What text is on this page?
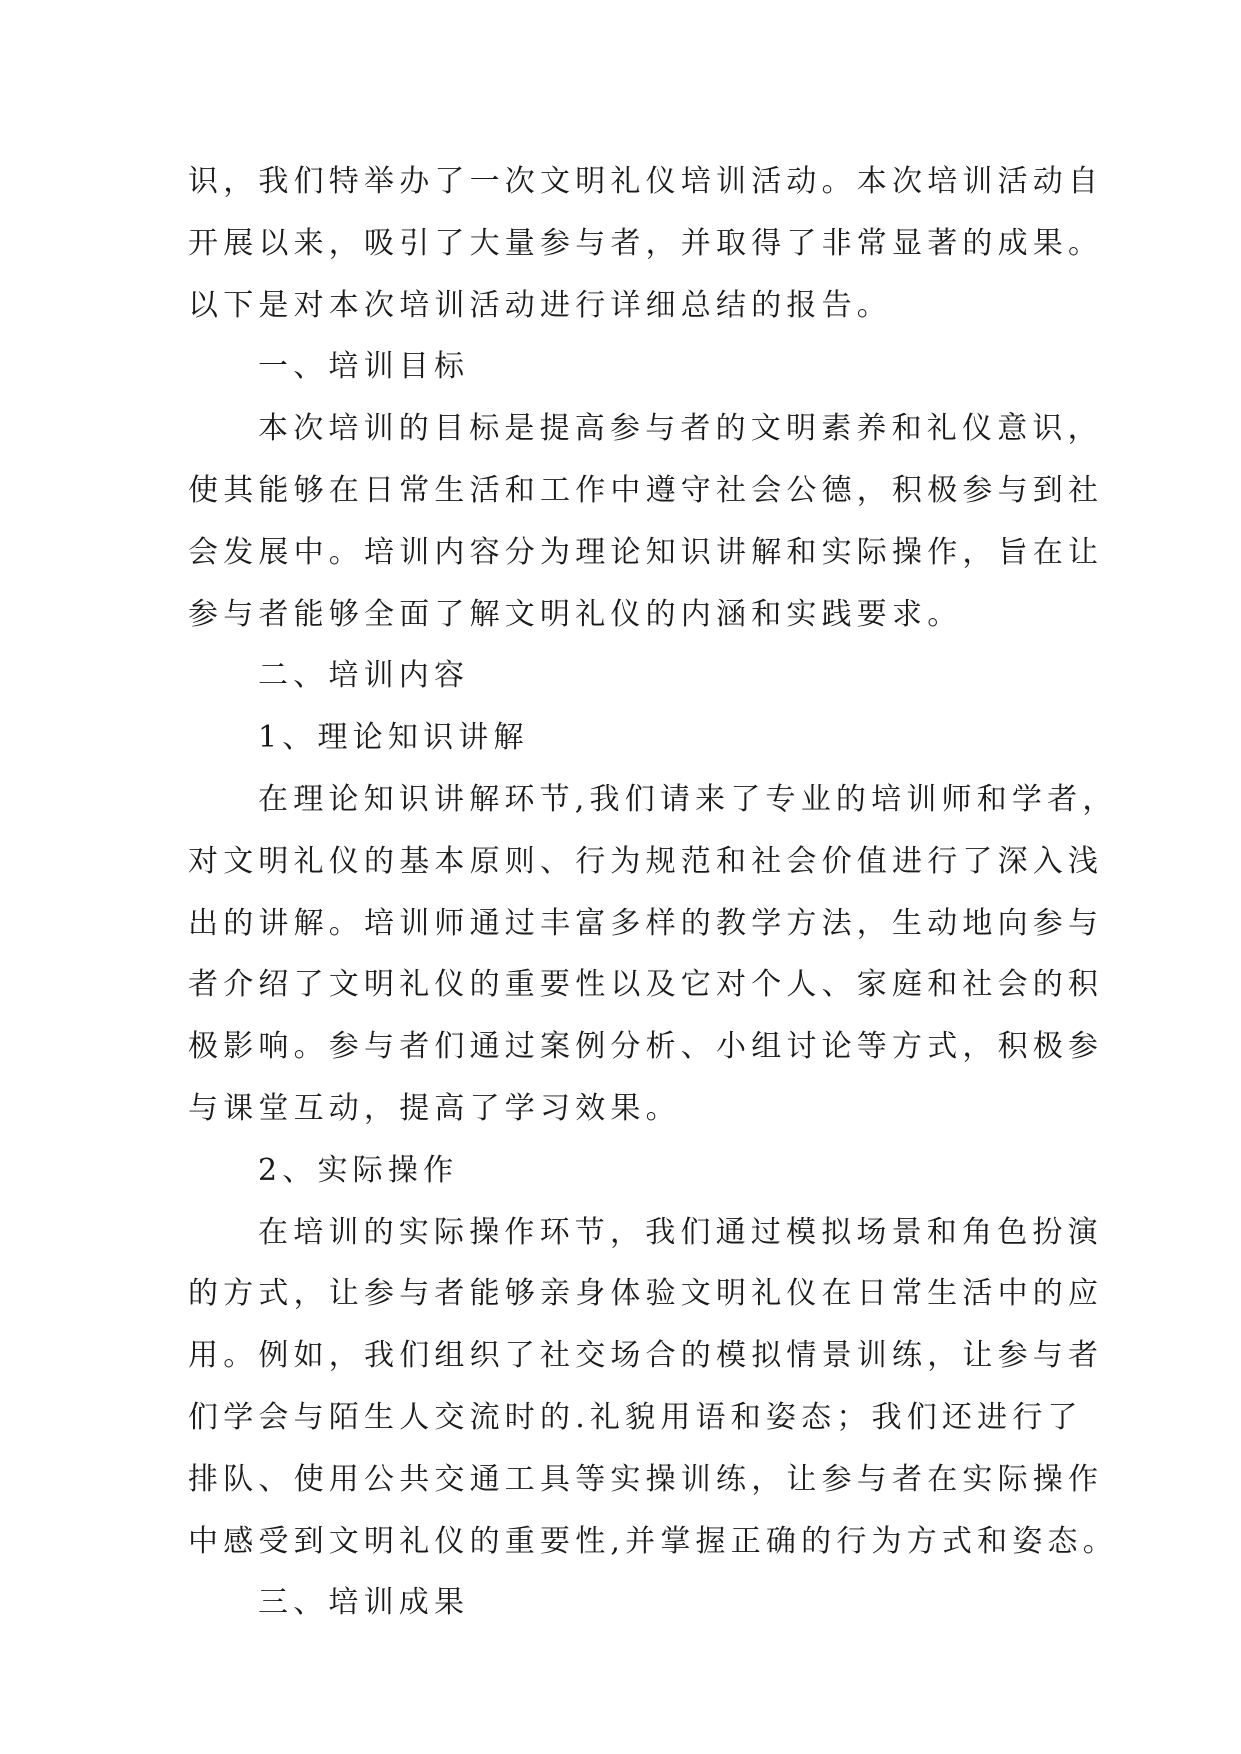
识，我们特举办了一次文明礼仪培训活动。本次培训活动自
开展以来，吸引了大量参与者，并取得了非常显著的成果。
以下是对本次培训活动进行详细总结的报告。
一、培训目标
本次培训的目标是提高参与者的文明素养和礼仪意识，
使其能够在日常生活和工作中遵守社会公德，积极参与到社
会发展中。培训内容分为理论知识讲解和实际操作，旨在让
参与者能够全面了解文明礼仪的内涵和实践要求。
二、培训内容
1、理论知识讲解
在理论知识讲解环节,我们请来了专业的培训师和学者，
对文明礼仪的基本原则、行为规范和社会价值进行了深入浅
出的讲解。培训师通过丰富多样的教学方法，生动地向参与
者介绍了文明礼仪的重要性以及它对个人、家庭和社会的积
极影响。参与者们通过案例分析、小组讨论等方式，积极参
与课堂互动，提高了学习效果。
2、实际操作
在培训的实际操作环节，我们通过模拟场景和角色扮演
的方式，让参与者能够亲身体验文明礼仪在日常生活中的应
用。例如，我们组织了社交场合的模拟情景训练，让参与者
们学会与陌生人交流时的.礼貌用语和姿态；我们还进行了
排队、使用公共交通工具等实操训练，让参与者在实际操作
中感受到文明礼仪的重要性,并掌握正确的行为方式和姿态。
三、培训成果
